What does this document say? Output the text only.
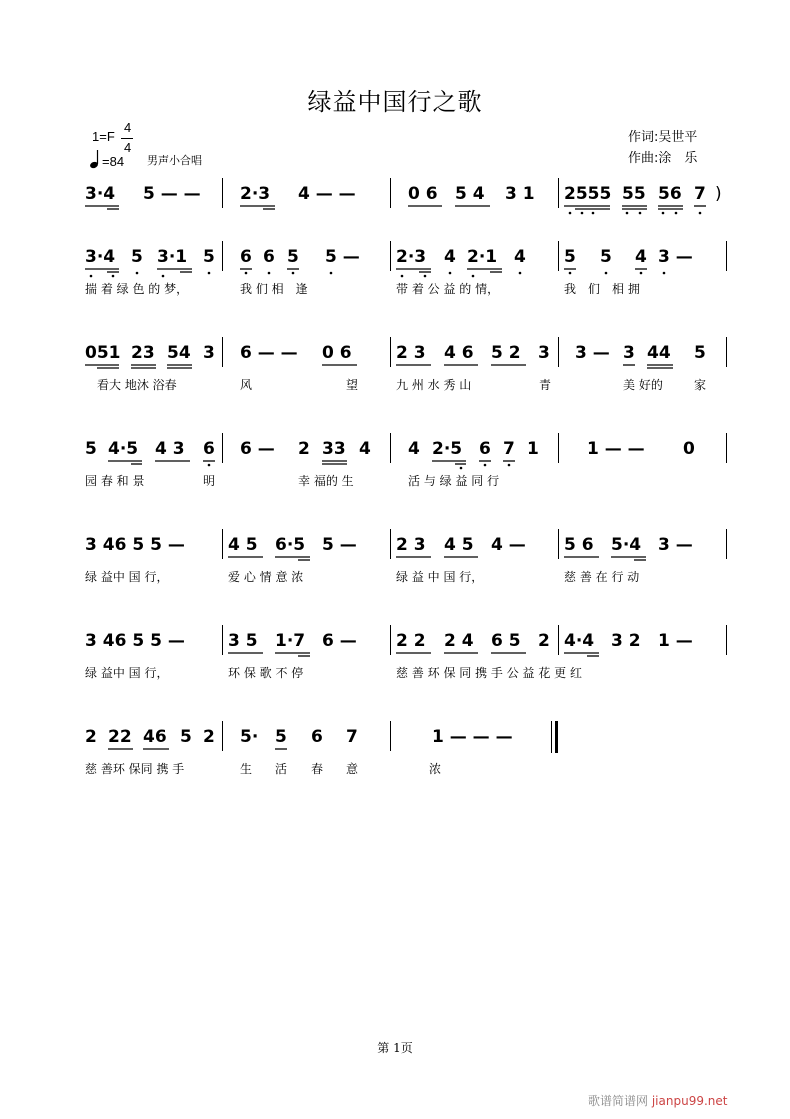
绿益中国行之歌
1=F
4
4
=84 男声小合唱
作词:吴世平
作曲:涂　乐
3·4 5 — — 2·3 4 — —	0 6 5 4 3 1 2555 55 56 7 )
3·4 5 3·1 5 6 6 5 5 — 2·3 4 2·1 4 5 5 4 3 —
揣 着 绿 色 的 梦，	我 们 相　逢	带 着 公 益 的 情，	我　们　相 拥
051 23 54 3 6 — — 0 6	2 3 4 6 5 2 3 3 — 3 44 5
看大 地沐 浴春	风	望	九 州 水 秀 山	青	美 好的	家
5 4·5 4 3 6 6 — 2 33 4 4 2·5 6 7 1	1 — — 0
园 春 和 景	明	幸 福的 生	活 与 绿 益 同 行
3 46 5 5 —	4 5 6·5 5 — 2 3 4 5 4 — 5 6 5·4 3 —
绿 益中 国 行，	爱 心 情 意 浓	绿 益 中 国 行，	慈 善 在 行 动
3 46 5 5 —	3 5 1·7 6 — 2 2 2 4 6 5 2 4·4 3 2 1 —
绿 益中 国 行，	环 保 歌 不 停	慈 善 环 保 同 携 手 公 益 花 更 红
2 22 46 5 2 5· 5 6 7	1 — — —
慈 善环 保同 携 手	生 活 春 意	浓
第 1页
歌谱简谱网 jianpu99.net
